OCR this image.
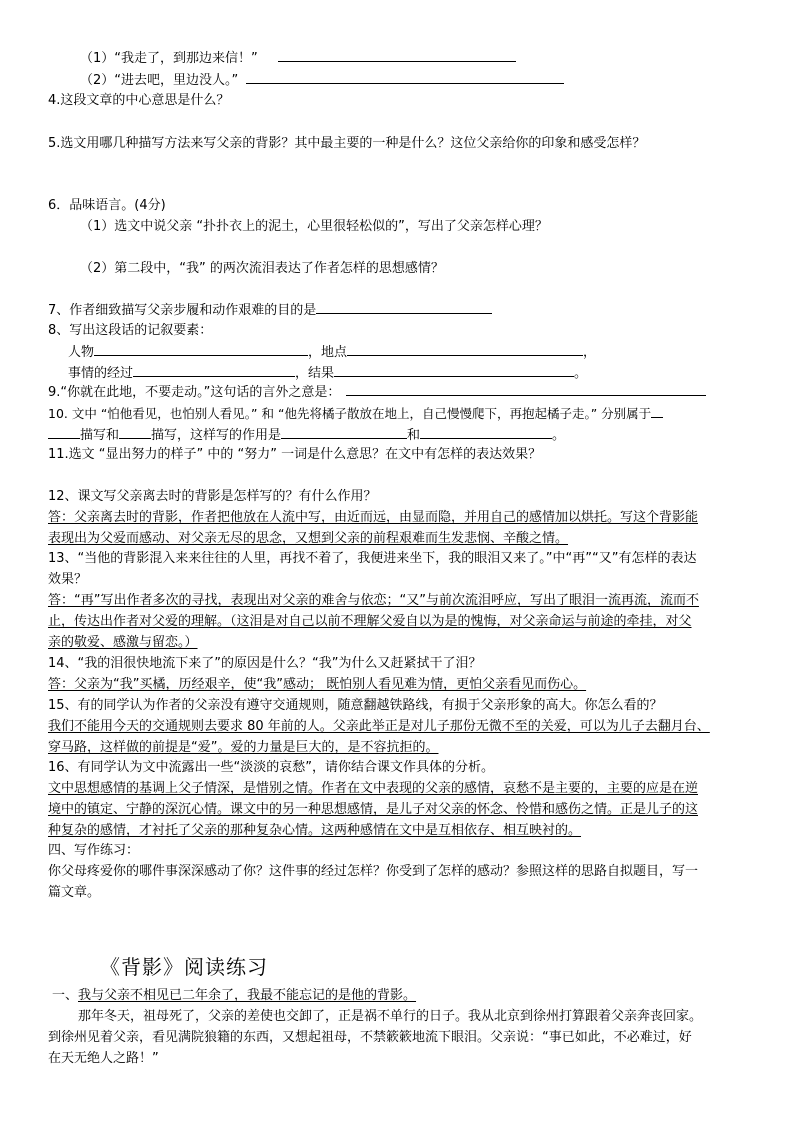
（1）“我走了，到那边来信！”
（2）“进去吧，里边没人。”
4.这段文章的中心意思是什么？
5.选文用哪几种描写方法来写父亲的背影？其中最主要的一种是什么？这位父亲给你的印象和感受怎样？
6．品味语言。(4分)
（1）选文中说父亲 “扑扑衣上的泥土，心里很轻松似的”，写出了父亲怎样心理？
（2）第二段中，“我” 的两次流泪表达了作者怎样的思想感情？
7、作者细致描写父亲步履和动作艰难的目的是
8、写出这段话的记叙要素：
人物	，地点	，
事情的经过	，结果	。
9.“你就在此地，不要走动。”这句话的言外之意是：
10. 文中 “怕他看见，也怕别人看见。” 和 “他先将橘子散放在地上，自己慢慢爬下，再抱起橘子走。” 分别属于
描写和 描写，这样写的作用是	和	。
11.选文 “显出努力的样子” 中的 “努力” 一词是什么意思？在文中有怎样的表达效果？
12、课文写父亲离去时的背影是怎样写的？有什么作用？
答：父亲离去时的背影，作者把他放在人流中写，由近而远，由显而隐，并用自己的感情加以烘托。写这个背影能
表现出为父爱而感动、对父亲无尽的思念，又想到父亲的前程艰难而生发悲悯、辛酸之情。
13、“当他的背影混入来来往往的人里，再找不着了，我便进来坐下，我的眼泪又来了。”中“再”“又”有怎样的表达
效果？
答：“再”写出作者多次的寻找，表现出对父亲的难舍与依恋；“又”与前次流泪呼应，写出了眼泪一流再流，流而不
止，传达出作者对父爱的理解。（这泪是对自己以前不理解父爱自以为是的愧悔，对父亲命运与前途的牵挂，对父
亲的敬爱、感激与留恋。）
14、“我的泪很快地流下来了”的原因是什么？“我”为什么又赶紧拭干了泪？
答：父亲为“我”买橘，历经艰辛，使“我”感动； 既怕别人看见难为情，更怕父亲看见而伤心。
15、有的同学认为作者的父亲没有遵守交通规则，随意翻越铁路线，有损于父亲形象的高大。你怎么看的？
我们不能用今天的交通规则去要求 80 年前的人。父亲此举正是对儿子那份无微不至的关爱，可以为儿子去翻月台、
穿马路，这样做的前提是“爱”。爱的力量是巨大的，是不容抗拒的。
16、有同学认为文中流露出一些“淡淡的哀愁”，请你结合课文作具体的分析。
文中思想感情的基调上父子情深，是惜别之情。作者在文中表现的父亲的感情，哀愁不是主要的，主要的应是在逆
境中的镇定、宁静的深沉心情。课文中的另一种思想感情，是儿子对父亲的怀念、怜惜和感伤之情。正是儿子的这
种复杂的感情，才衬托了父亲的那种复杂心情。这两种感情在文中是互相依存、相互映衬的。
四、写作练习：
你父母疼爱你的哪件事深深感动了你？这件事的经过怎样？你受到了怎样的感动？参照这样的思路自拟题目，写一
篇文章。
《背影》阅读练习
一、我与父亲不相见已二年余了，我最不能忘记的是他的背影。
那年冬天，祖母死了，父亲的差使也交卸了，正是祸不单行的日子。我从北京到徐州打算跟着父亲奔丧回家。
到徐州见着父亲，看见满院狼籍的东西，又想起祖母，不禁簌簌地流下眼泪。父亲说：“事已如此，不必难过，好
在天无绝人之路！”
